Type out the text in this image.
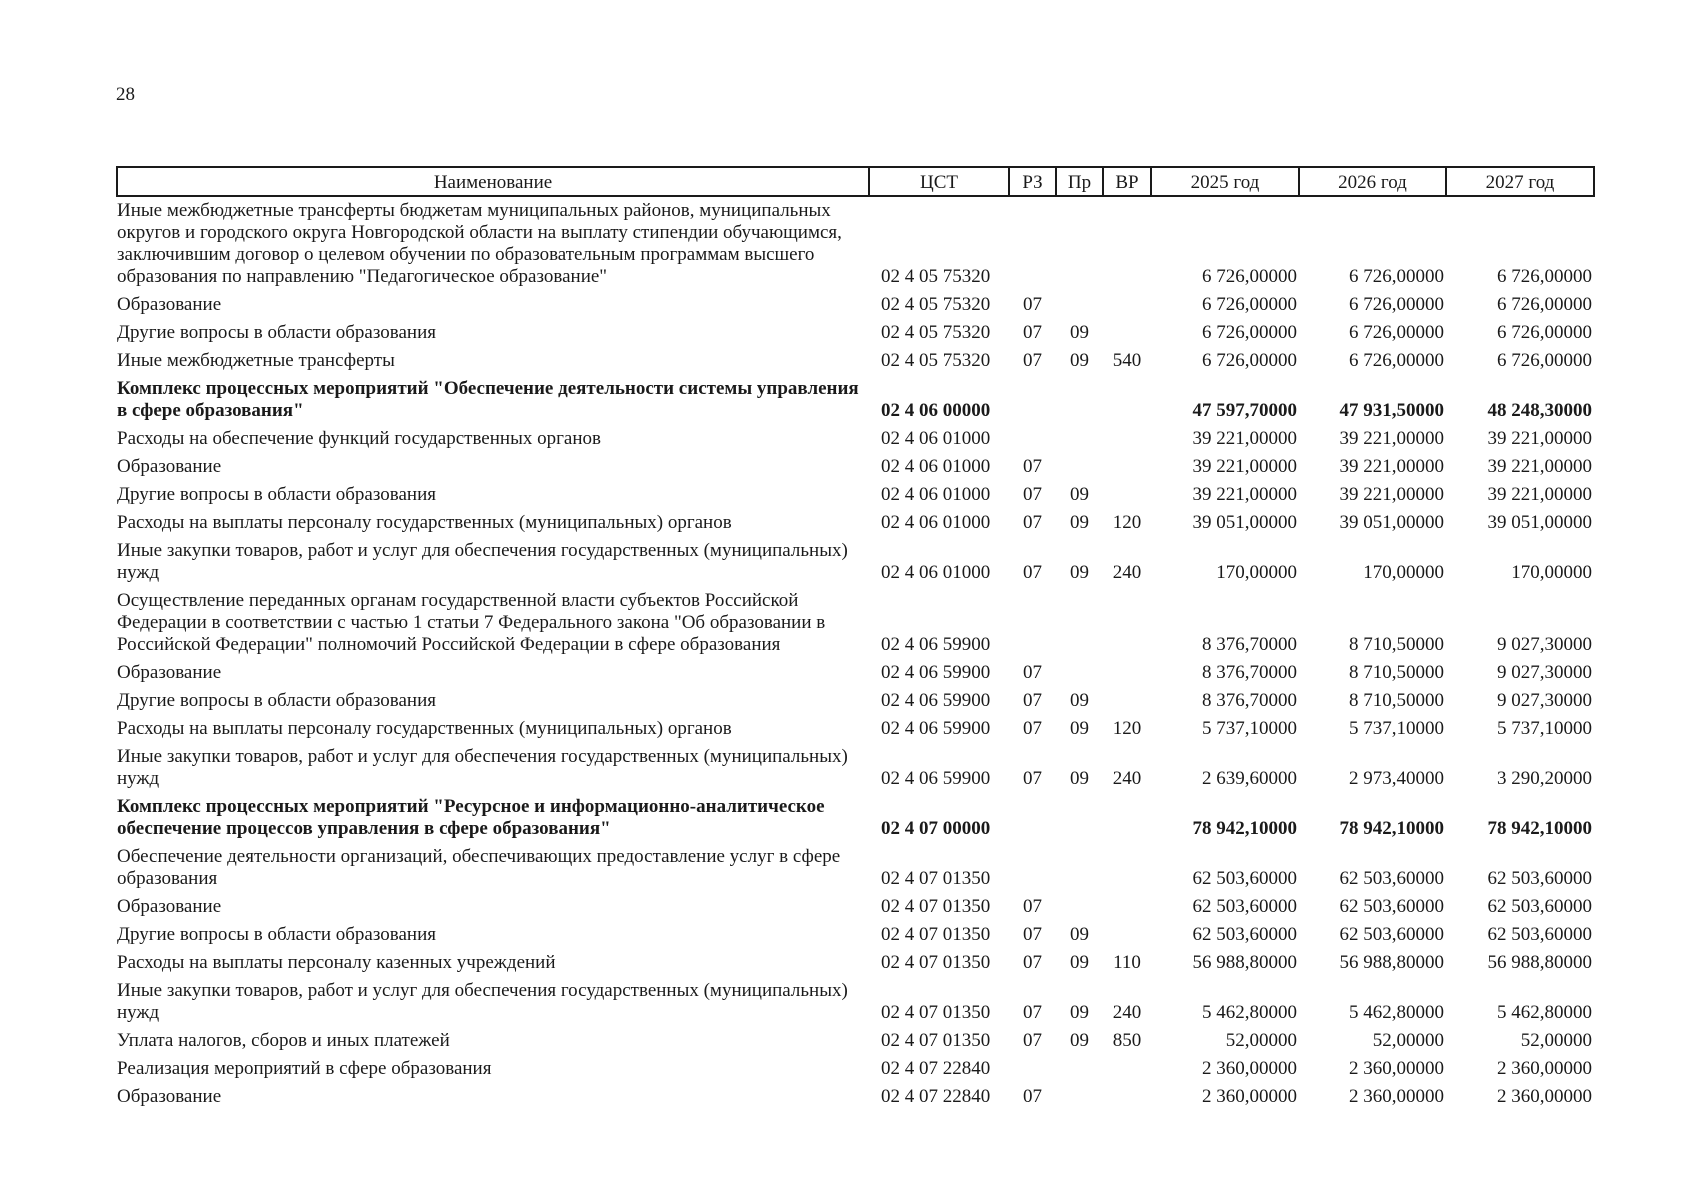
28
Наименование	ЦСТ	РЗ	Пр	ВР	2025 год	2026 год	2027 год
Иные межбюджетные трансферты бюджетам муниципальных районов, муниципальных округов и городского округа Новгородской области на выплату стипендии обучающимся, заключившим договор о целевом обучении по образовательным программам высшего образования по направлению "Педагогическое образование"	02 4 05 75320				6 726,00000	6 726,00000	6 726,00000
Образование	02 4 05 75320	07			6 726,00000	6 726,00000	6 726,00000
Другие вопросы в области образования	02 4 05 75320	07	09		6 726,00000	6 726,00000	6 726,00000
Иные межбюджетные трансферты	02 4 05 75320	07	09	540	6 726,00000	6 726,00000	6 726,00000
Комплекс процессных мероприятий "Обеспечение деятельности системы управления в сфере образования"	02 4 06 00000				47 597,70000	47 931,50000	48 248,30000
Расходы на обеспечение функций государственных органов	02 4 06 01000				39 221,00000	39 221,00000	39 221,00000
Образование	02 4 06 01000	07			39 221,00000	39 221,00000	39 221,00000
Другие вопросы в области образования	02 4 06 01000	07	09		39 221,00000	39 221,00000	39 221,00000
Расходы на выплаты персоналу государственных (муниципальных) органов	02 4 06 01000	07	09	120	39 051,00000	39 051,00000	39 051,00000
Иные закупки товаров, работ и услуг для обеспечения государственных (муниципальных) нужд	02 4 06 01000	07	09	240	170,00000	170,00000	170,00000
Осуществление переданных органам государственной власти субъектов Российской Федерации в соответствии с частью 1 статьи 7 Федерального закона "Об образовании в Российской Федерации" полномочий Российской Федерации в сфере образования	02 4 06 59900				8 376,70000	8 710,50000	9 027,30000
Образование	02 4 06 59900	07			8 376,70000	8 710,50000	9 027,30000
Другие вопросы в области образования	02 4 06 59900	07	09		8 376,70000	8 710,50000	9 027,30000
Расходы на выплаты персоналу государственных (муниципальных) органов	02 4 06 59900	07	09	120	5 737,10000	5 737,10000	5 737,10000
Иные закупки товаров, работ и услуг для обеспечения государственных (муниципальных) нужд	02 4 06 59900	07	09	240	2 639,60000	2 973,40000	3 290,20000
Комплекс процессных мероприятий "Ресурсное и информационно-аналитическое обеспечение процессов управления в сфере образования"	02 4 07 00000				78 942,10000	78 942,10000	78 942,10000
Обеспечение деятельности организаций, обеспечивающих предоставление услуг в сфере образования	02 4 07 01350				62 503,60000	62 503,60000	62 503,60000
Образование	02 4 07 01350	07			62 503,60000	62 503,60000	62 503,60000
Другие вопросы в области образования	02 4 07 01350	07	09		62 503,60000	62 503,60000	62 503,60000
Расходы на выплаты персоналу казенных учреждений	02 4 07 01350	07	09	110	56 988,80000	56 988,80000	56 988,80000
Иные закупки товаров, работ и услуг для обеспечения государственных (муниципальных) нужд	02 4 07 01350	07	09	240	5 462,80000	5 462,80000	5 462,80000
Уплата налогов, сборов и иных платежей	02 4 07 01350	07	09	850	52,00000	52,00000	52,00000
Реализация мероприятий в сфере образования	02 4 07 22840				2 360,00000	2 360,00000	2 360,00000
Образование	02 4 07 22840	07			2 360,00000	2 360,00000	2 360,00000
